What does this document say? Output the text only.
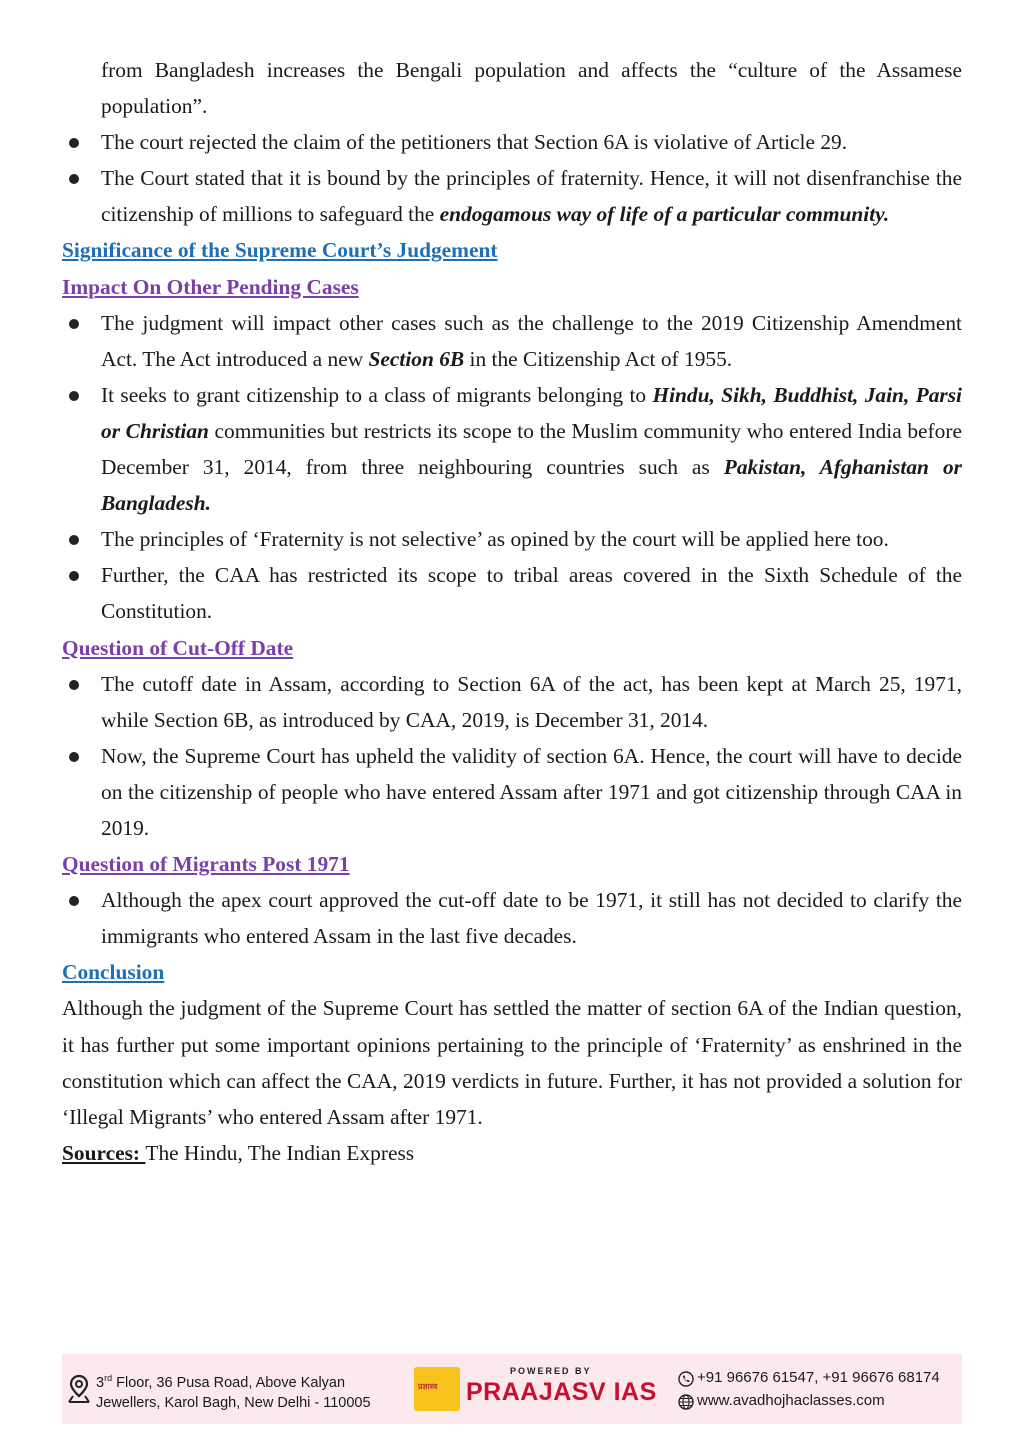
from Bangladesh increases the Bengali population and affects the “culture of the Assamese population”.

The court rejected the claim of the petitioners that Section 6A is violative of Article 29.
The Court stated that it is bound by the principles of fraternity. Hence, it will not disenfranchise the citizenship of millions to safeguard the endogamous way of life of a particular community.
Significance of the Supreme Court’s Judgement
Impact On Other Pending Cases
The judgment will impact other cases such as the challenge to the 2019 Citizenship Amendment Act. The Act introduced a new Section 6B in the Citizenship Act of 1955.
It seeks to grant citizenship to a class of migrants belonging to Hindu, Sikh, Buddhist, Jain, Parsi or Christian communities but restricts its scope to the Muslim community who entered India before December 31, 2014, from three neighbouring countries such as Pakistan, Afghanistan or Bangladesh.
The principles of ‘Fraternity is not selective’ as opined by the court will be applied here too.
Further, the CAA has restricted its scope to tribal areas covered in the Sixth Schedule of the Constitution.
Question of Cut-Off Date
The cutoff date in Assam, according to Section 6A of the act, has been kept at March 25, 1971, while Section 6B, as introduced by CAA, 2019, is December 31, 2014.
Now, the Supreme Court has upheld the validity of section 6A. Hence, the court will have to decide on the citizenship of people who have entered Assam after 1971 and got citizenship through CAA in 2019.
Question of Migrants Post 1971
Although the apex court approved the cut-off date to be 1971, it still has not decided to clarify the immigrants who entered Assam in the last five decades.
Conclusion

Although the judgment of the Supreme Court has settled the matter of section 6A of the Indian question, it has further put some important opinions pertaining to the principle of ‘Fraternity’ as enshrined in the constitution which can affect the CAA, 2019 verdicts in future. Further, it has not provided a solution for ‘Illegal Migrants’ who entered Assam after 1971.

Sources: The Hindu, The Indian Express

3rd Floor, 36 Pusa Road, Above Kalyan
Jewellers, Karol Bagh, New Delhi - 110005
प्रज्ञास्व
POWERED BY
PRAAJASV IAS
+91 96676 61547, +91 96676 68174
www.avadhojhaclasses.com
